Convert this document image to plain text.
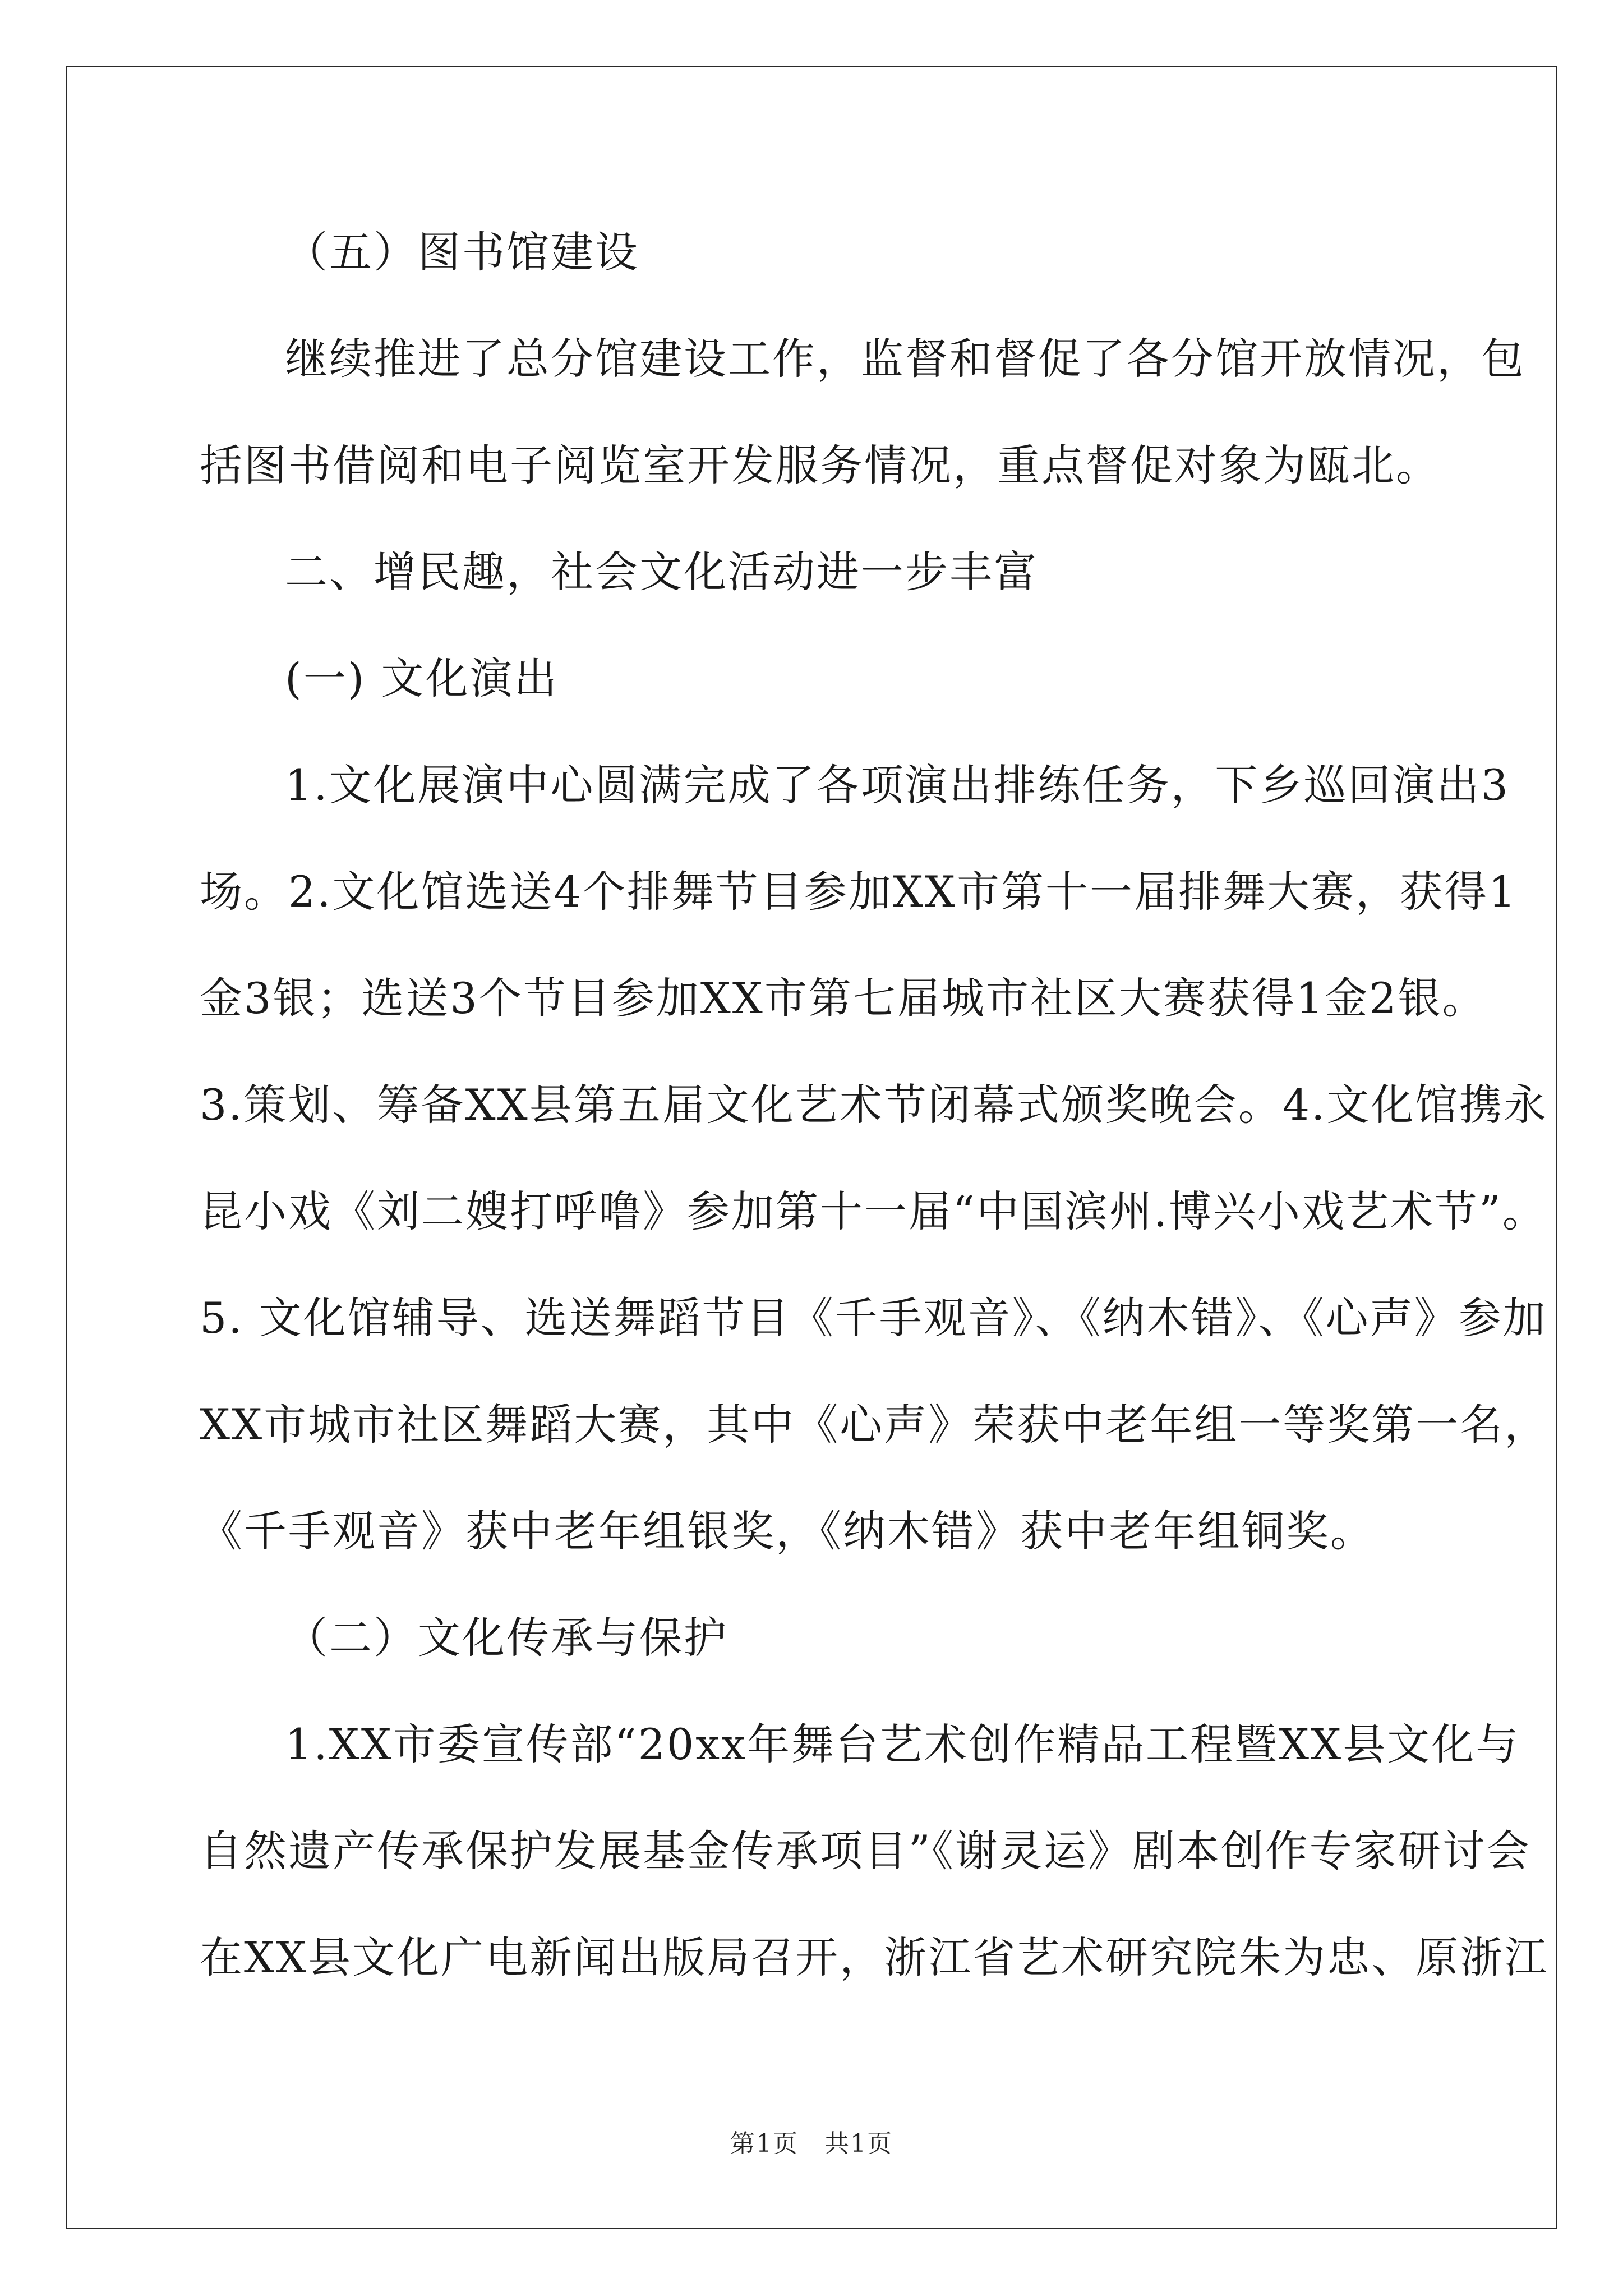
（五）图书馆建设
继续推进了总分馆建设工作，监督和督促了各分馆开放情况，包
括图书借阅和电子阅览室开发服务情况，重点督促对象为瓯北。
二、增民趣，社会文化活动进一步丰富
(一) 文化演出
1.文化展演中心圆满完成了各项演出排练任务，下乡巡回演出3
场。2.文化馆选送4个排舞节目参加XX市第十一届排舞大赛，获得1
金3银；选送3个节目参加XX市第七届城市社区大赛获得1金2银。
3.策划、筹备XX县第五届文化艺术节闭幕式颁奖晚会。4.文化馆携永
昆小戏《刘二嫂打呼噜》参加第十一届“中国滨州.博兴小戏艺术节”。
5. 文化馆辅导、选送舞蹈节目《千手观音》、《纳木错》、《心声》参加
XX市城市社区舞蹈大赛，其中《心声》荣获中老年组一等奖第一名，
《千手观音》获中老年组银奖，《纳木错》获中老年组铜奖。
（二）文化传承与保护
1.XX市委宣传部“20xx年舞台艺术创作精品工程暨XX县文化与
自然遗产传承保护发展基金传承项目”《谢灵运》剧本创作专家研讨会
在XX县文化广电新闻出版局召开，浙江省艺术研究院朱为忠、原浙江
第1页　共1页
